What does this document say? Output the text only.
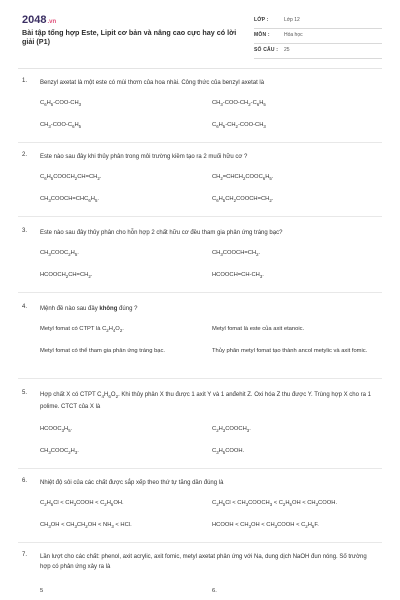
2048.vn
Bài tập tổng hợp Este, Lipit cơ bản và nâng cao cực hay có lời giải (P1)
LỚP :	Lớp 12
MÔN :	Hóa học
SỐ CÂU : 25
1. Benzyl axetat là một este có mùi thơm của hoa nhài. Công thức của benzyl axetat là
$C_6H_5-COO-CH_3$	$CH_3-COO-CH_2-C_6H_5$
$CH_3-COO-C_6H_5$	$C_6H_5-CH_2-COO-CH_3$
2. Este nào sau đây khi thủy phân trong môi trường kiềm tạo ra 2 muối hữu cơ ?
$C_6H_5COOCH_2CH=CH_2$.	$CH_2=CHCH_2COOC_6H_5$.
$CH_3COOCH=CHC_6H_5$.	$C_6H_5CH_2COOCH=CH_2$.
3. Este nào sau đây thủy phân cho hỗn hợp 2 chất hữu cơ đều tham gia phản ứng tráng bạc?
$CH_3COOC_2H_5$.	$CH_3COOCH=CH_2$.
$HCOOCH_2CH=CH_2$.	$HCOOCH=CH-CH_3$.
4. Mệnh đề nào sau đây không đúng ?
Metyl fomat có CTPT là $C_2H_4O_2$.	Metyl fomat là este của axit etanoic.
Metyl fomat có thể tham gia phản ứng tráng bạc.	Thủy phân metyl fomat tạo thành ancol metylic và axit fomic.
5. Hợp chất X có CTPT $C_4H_6O_2$. Khi thủy phân X thu được 1 axit Y và 1 anđehit Z. Oxi hóa Z thu được Y. Trùng hợp X cho ra 1 polime. CTCT của X là
$HCOOC_3H_5$.	$C_2H_3COOCH_3$.
$CH_3COOC_2H_3$.	$C_3H_5COOH$.
6. Nhiệt độ sôi của các chất được sắp xếp theo thứ tự tăng dần đúng là
$C_2H_5Cl$ < $CH_3COOH < C_2H_5OH$.	$C_2H_5Cl$ < $CH_3COOCH_3 < C_2H_5OH$ < $CH_3COOH$.
$CH_3OH < CH_3CH_2OH < NH_3$ < HCl.	HCOOH < $CH_3OH$ < $CH_3COOH < C_2H_5F$.
7. Lần lượt cho các chất: phenol, axit acrylic, axit fomic, metyl axetat phản ứng với Na, dung dịch NaOH đun nóng. Số trường hợp có phản ứng xảy ra là
5	6.
